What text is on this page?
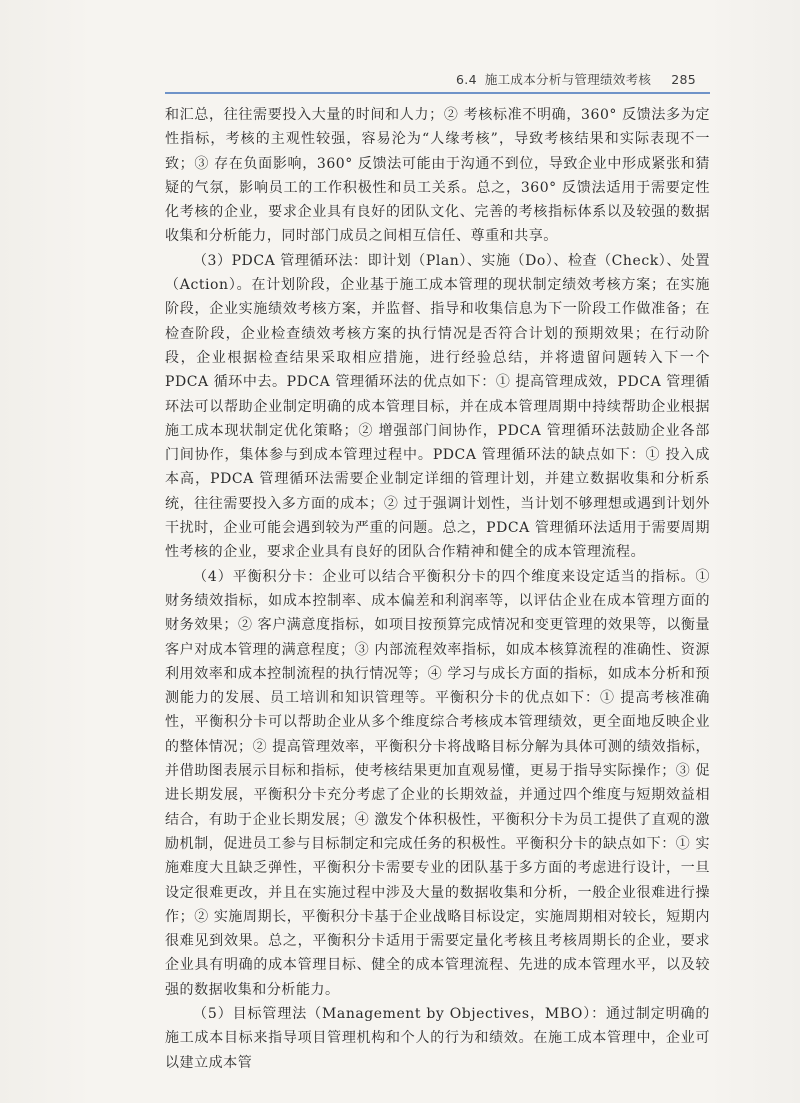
6.4 施工成本分析与管理绩效考核 285

和汇总，往往需要投入大量的时间和人力；② 考核标准不明确，360° 反馈法多为定性指标，考核的主观性较强，容易沦为“人缘考核”，导致考核结果和实际表现不一致；③ 存在负面影响，360° 反馈法可能由于沟通不到位，导致企业中形成紧张和猜疑的气氛，影响员工的工作积极性和员工关系。总之，360° 反馈法适用于需要定性化考核的企业，要求企业具有良好的团队文化、完善的考核指标体系以及较强的数据收集和分析能力，同时部门成员之间相互信任、尊重和共享。

（3）PDCA 管理循环法：即计划（Plan）、实施（Do）、检查（Check）、处置（Action）。在计划阶段，企业基于施工成本管理的现状制定绩效考核方案；在实施阶段，企业实施绩效考核方案，并监督、指导和收集信息为下一阶段工作做准备；在检查阶段，企业检查绩效考核方案的执行情况是否符合计划的预期效果；在行动阶段，企业根据检查结果采取相应措施，进行经验总结，并将遗留问题转入下一个 PDCA 循环中去。PDCA 管理循环法的优点如下：① 提高管理成效，PDCA 管理循环法可以帮助企业制定明确的成本管理目标，并在成本管理周期中持续帮助企业根据施工成本现状制定优化策略；② 增强部门间协作，PDCA 管理循环法鼓励企业各部门间协作，集体参与到成本管理过程中。PDCA 管理循环法的缺点如下：① 投入成本高，PDCA 管理循环法需要企业制定详细的管理计划，并建立数据收集和分析系统，往往需要投入多方面的成本；② 过于强调计划性，当计划不够理想或遇到计划外干扰时，企业可能会遇到较为严重的问题。总之，PDCA 管理循环法适用于需要周期性考核的企业，要求企业具有良好的团队合作精神和健全的成本管理流程。

（4）平衡积分卡：企业可以结合平衡积分卡的四个维度来设定适当的指标。① 财务绩效指标，如成本控制率、成本偏差和利润率等，以评估企业在成本管理方面的财务效果；② 客户满意度指标，如项目按预算完成情况和变更管理的效果等，以衡量客户对成本管理的满意程度；③ 内部流程效率指标，如成本核算流程的准确性、资源利用效率和成本控制流程的执行情况等；④ 学习与成长方面的指标，如成本分析和预测能力的发展、员工培训和知识管理等。平衡积分卡的优点如下：① 提高考核准确性，平衡积分卡可以帮助企业从多个维度综合考核成本管理绩效，更全面地反映企业的整体情况；② 提高管理效率，平衡积分卡将战略目标分解为具体可测的绩效指标，并借助图表展示目标和指标，使考核结果更加直观易懂，更易于指导实际操作；③ 促进长期发展，平衡积分卡充分考虑了企业的长期效益，并通过四个维度与短期效益相结合，有助于企业长期发展；④ 激发个体积极性，平衡积分卡为员工提供了直观的激励机制，促进员工参与目标制定和完成任务的积极性。平衡积分卡的缺点如下：① 实施难度大且缺乏弹性，平衡积分卡需要专业的团队基于多方面的考虑进行设计，一旦设定很难更改，并且在实施过程中涉及大量的数据收集和分析，一般企业很难进行操作；② 实施周期长，平衡积分卡基于企业战略目标设定，实施周期相对较长，短期内很难见到效果。总之，平衡积分卡适用于需要定量化考核且考核周期长的企业，要求企业具有明确的成本管理目标、健全的成本管理流程、先进的成本管理水平，以及较强的数据收集和分析能力。

（5）目标管理法（Management by Objectives，MBO）：通过制定明确的施工成本目标来指导项目管理机构和个人的行为和绩效。在施工成本管理中，企业可以建立成本管
